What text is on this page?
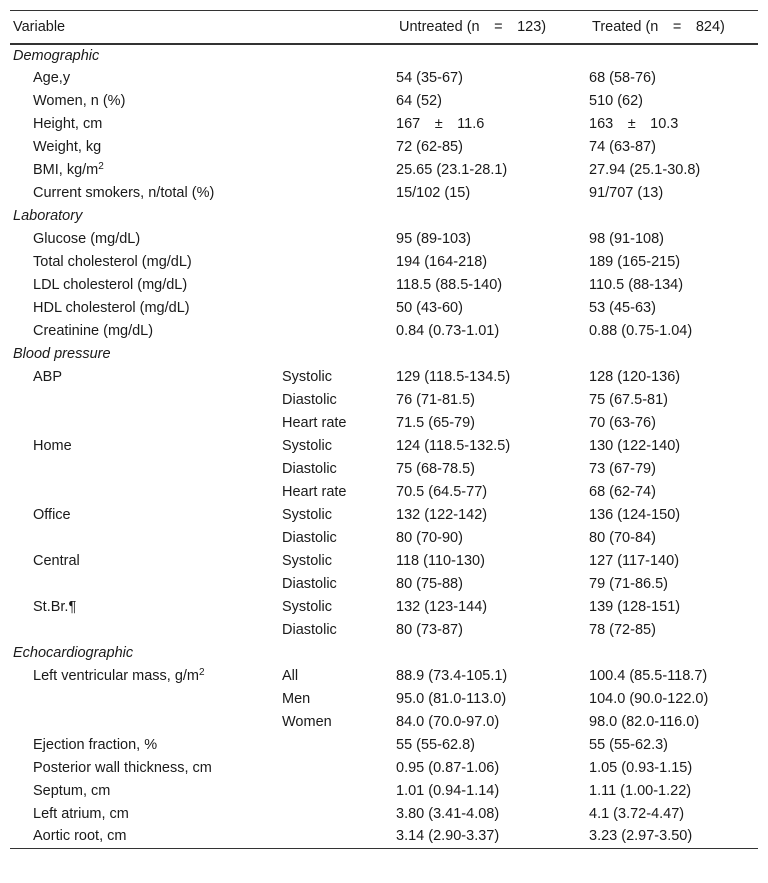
Variable		Untreated (n  =  123)	Treated (n  =  824)
Demographic			
Age,y		54 (35-67)	68 (58-76)
Women, n (%)		64 (52)	510 (62)
Height, cm		167  ±  11.6	163  ±  10.3
Weight, kg		72 (62-85)	74 (63-87)
BMI, $kg/m^2$		25.65 (23.1-28.1)	27.94 (25.1-30.8)
Current smokers, n/total (%)		15/102 (15)	91/707 (13)
Laboratory			
Glucose (mg/dL)		95 (89-103)	98 (91-108)
Total cholesterol (mg/dL)		194 (164-218)	189 (165-215)
LDL cholesterol (mg/dL)		118.5 (88.5-140)	110.5 (88-134)
HDL cholesterol (mg/dL)		50 (43-60)	53 (45-63)
Creatinine (mg/dL)		0.84 (0.73-1.01)	0.88 (0.75-1.04)
Blood pressure			
ABP	Systolic	129 (118.5-134.5)	128 (120-136)
	Diastolic	76 (71-81.5)	75 (67.5-81)
	Heart rate	71.5 (65-79)	70 (63-76)
Home	Systolic	124 (118.5-132.5)	130 (122-140)
	Diastolic	75 (68-78.5)	73 (67-79)
	Heart rate	70.5 (64.5-77)	68 (62-74)
Office	Systolic	132 (122-142)	136 (124-150)
	Diastolic	80 (70-90)	80 (70-84)
Central	Systolic	118 (110-130)	127 (117-140)
	Diastolic	80 (75-88)	79 (71-86.5)
St.Br.¶	Systolic	132 (123-144)	139 (128-151)
	Diastolic	80 (73-87)	78 (72-85)
Echocardiographic			
Left ventricular mass, $g/m^2$	All	88.9 (73.4-105.1)	100.4 (85.5-118.7)
	Men	95.0 (81.0-113.0)	104.0 (90.0-122.0)
	Women	84.0 (70.0-97.0)	98.0 (82.0-116.0)
Ejection fraction, %		55 (55-62.8)	55 (55-62.3)
Posterior wall thickness, cm		0.95 (0.87-1.06)	1.05 (0.93-1.15)
Septum, cm		1.01 (0.94-1.14)	1.11 (1.00-1.22)
Left atrium, cm		3.80 (3.41-4.08)	4.1 (3.72-4.47)
Aortic root, cm		3.14 (2.90-3.37)	3.23 (2.97-3.50)
